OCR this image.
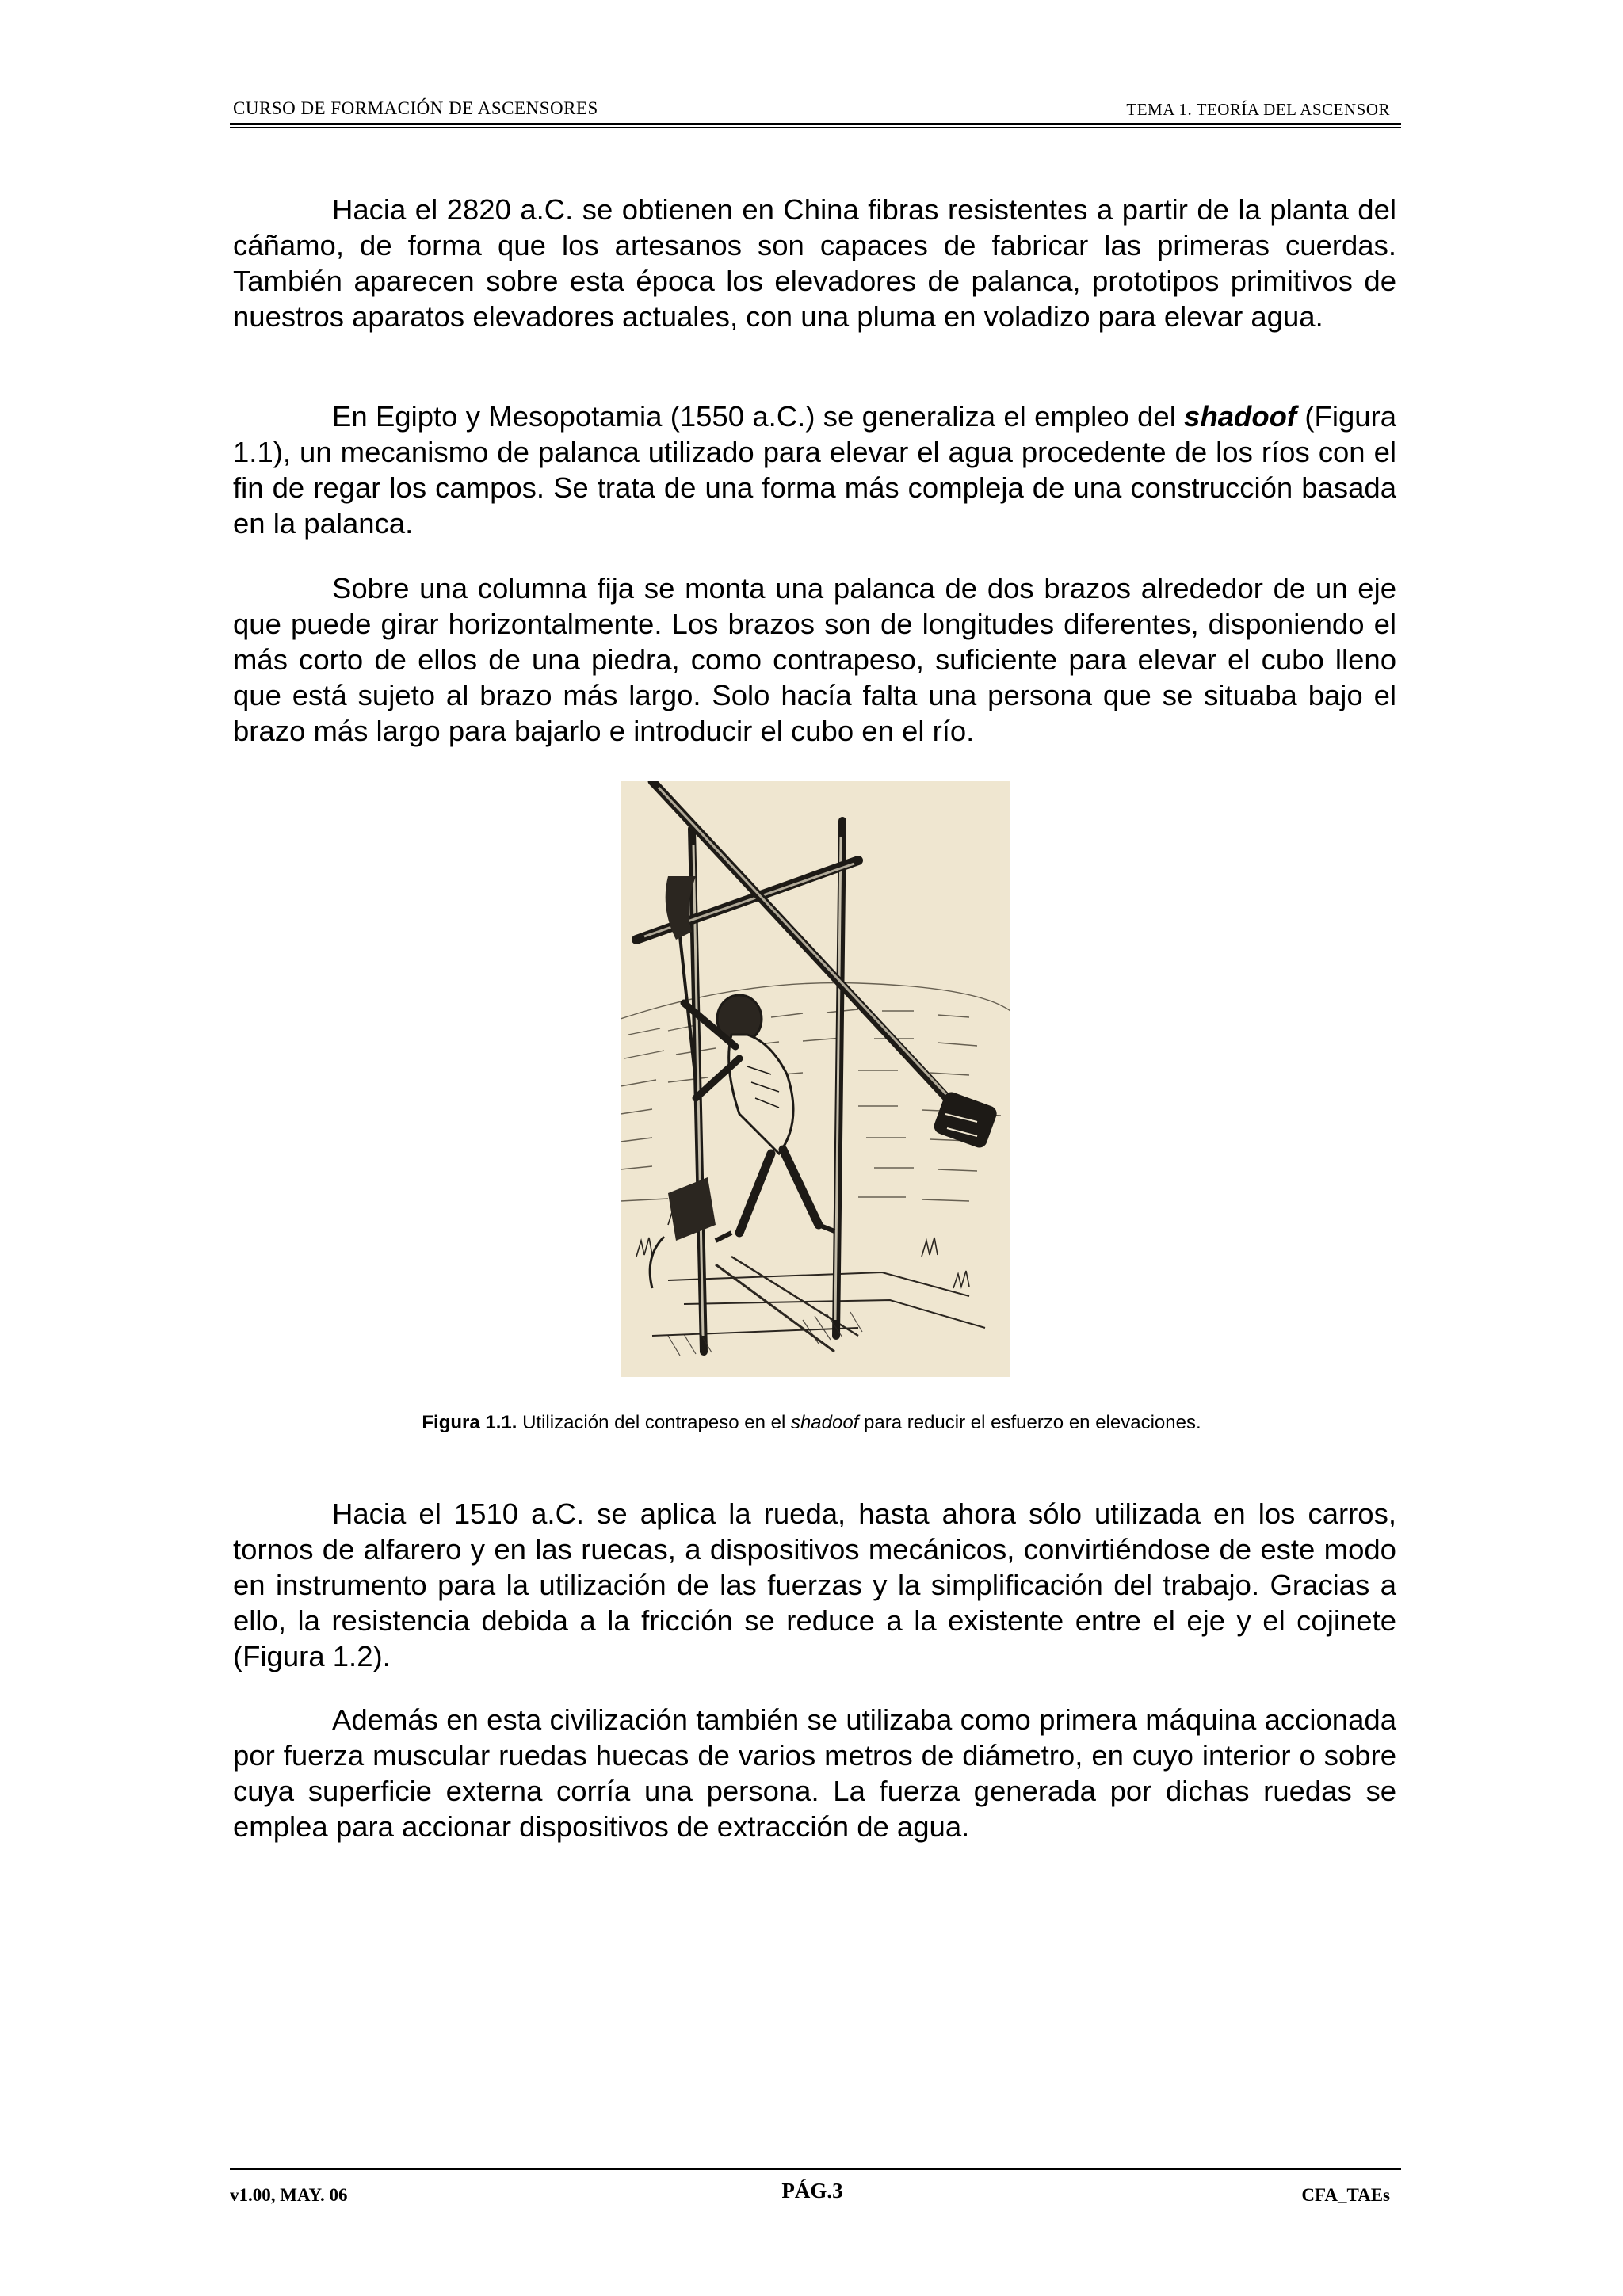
CURSO DE FORMACIÓN DE ASCENSORES	TEMA 1. TEORÍA DEL ASCENSOR

Hacia el 2820 a.C. se obtienen en China fibras resistentes a partir de la planta del cáñamo, de forma que los artesanos son capaces de fabricar las primeras cuerdas. También aparecen sobre esta época los elevadores de palanca, prototipos primitivos de nuestros aparatos elevadores actuales, con una pluma en voladizo para elevar agua.

En Egipto y Mesopotamia (1550 a.C.) se generaliza el empleo del shadoof (Figura 1.1), un mecanismo de palanca utilizado para elevar el agua procedente de los ríos con el fin de regar los campos. Se trata de una forma más compleja de una construcción basada en la palanca.

Sobre una columna fija se monta una palanca de dos brazos alrededor de un eje que puede girar horizontalmente. Los brazos son de longitudes diferentes, disponiendo el más corto de ellos de una piedra, como contrapeso, suficiente para elevar el cubo lleno que está sujeto al brazo más largo. Solo hacía falta una persona que se situaba bajo el brazo más largo para bajarlo e introducir el cubo en el río.

Figura 1.1. Utilización del contrapeso en el shadoof para reducir el esfuerzo en elevaciones.

Hacia el 1510 a.C. se aplica la rueda, hasta ahora sólo utilizada en los carros, tornos de alfarero y en las ruecas, a dispositivos mecánicos, convirtiéndose de este modo en instrumento para la utilización de las fuerzas y la simplificación del trabajo. Gracias a ello, la resistencia debida a la fricción se reduce a la existente entre el eje y el cojinete (Figura 1.2).

Además en esta civilización también se utilizaba como primera máquina accionada por fuerza muscular ruedas huecas de varios metros de diámetro, en cuyo interior o sobre cuya superficie externa corría una persona. La fuerza generada por dichas ruedas se emplea para accionar dispositivos de extracción de agua.

v1.00, MAY. 06	PÁG.3	CFA_TAEs
